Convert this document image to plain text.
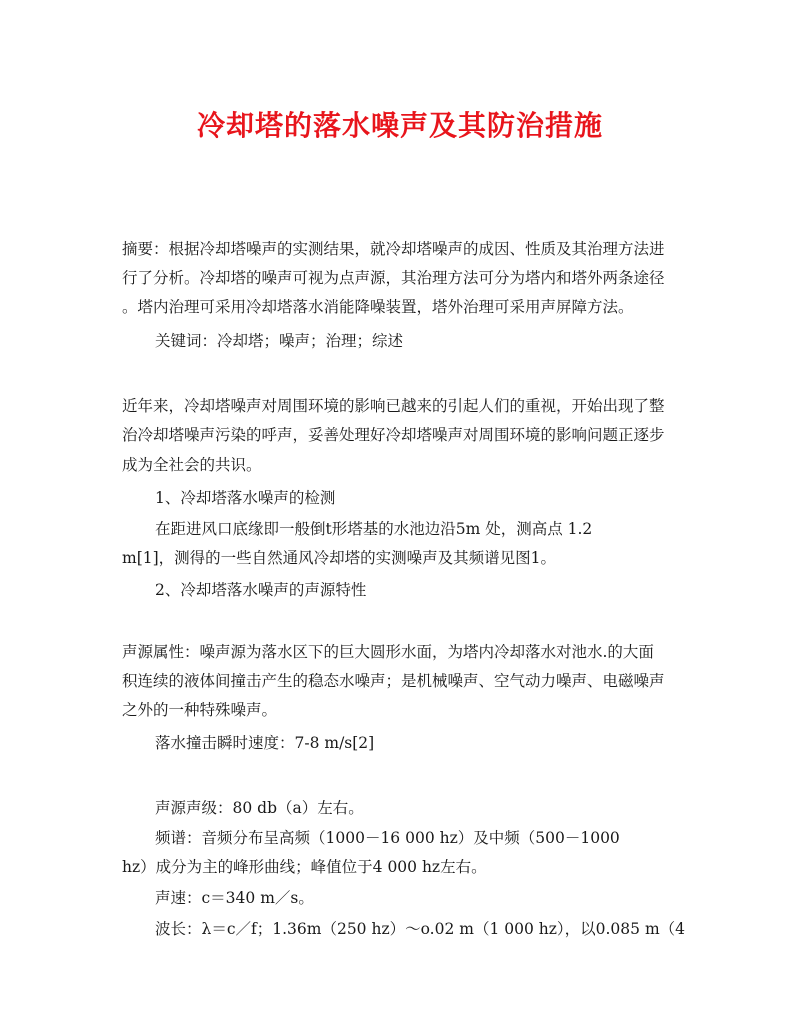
冷却塔的落水噪声及其防治措施
摘要：根据冷却塔噪声的实测结果，就冷却塔噪声的成因、性质及其治理方法进
行了分析。冷却塔的噪声可视为点声源，其治理方法可分为塔内和塔外两条途径
。塔内治理可采用冷却塔落水消能降噪装置，塔外治理可采用声屏障方法。
关键词：冷却塔；噪声；治理；综述
近年来，冷却塔噪声对周围环境的影响已越来的引起人们的重视，开始出现了整
治冷却塔噪声污染的呼声，妥善处理好冷却塔噪声对周围环境的影响问题正逐步
成为全社会的共识。
1、冷却塔落水噪声的检测
在距进风口底缘即一般倒t形塔基的水池边沿5m 处，测高点 1.2
m[1]，测得的一些自然通风冷却塔的实测噪声及其频谱见图1。
2、冷却塔落水噪声的声源特性
声源属性：噪声源为落水区下的巨大圆形水面，为塔内冷却落水对池水.的大面
积连续的液体间撞击产生的稳态水噪声；是机械噪声、空气动力噪声、电磁噪声
之外的一种特殊噪声。
落水撞击瞬时速度：7-8 m/s[2]
声源声级：80 db（a）左右。
频谱：音频分布呈高频（1000－16 000 hz）及中频（500－1000
hz）成分为主的峰形曲线；峰值位于4 000 hz左右。
声速：c＝340 m／s。
波长：λ＝c／f；1.36m（250 hz）～o.02 m（1 000 hz），以0.085 m（4
